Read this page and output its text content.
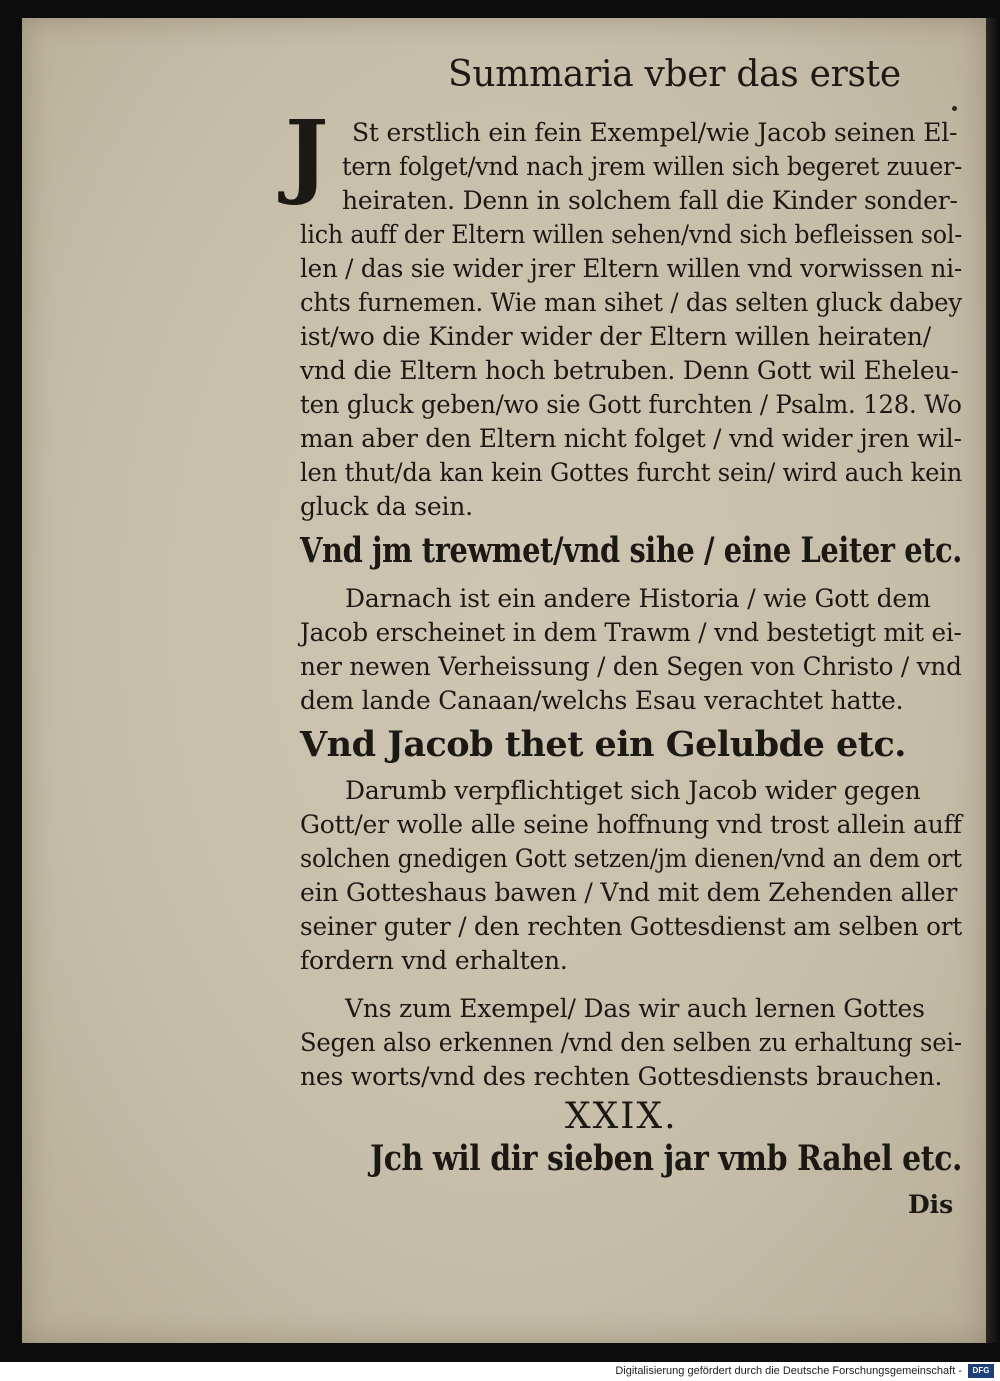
Summaria vber das erste
J St erstlich ein fein Exempel/wie Jacob seinen El-
tern folget/vnd nach jrem willen sich begeret zuuer-
heiraten. Denn in solchem fall die Kinder sonder-
lich auff der Eltern willen sehen/vnd sich befleissen sol-
len / das sie wider jrer Eltern willen vnd vorwissen ni-
chts furnemen. Wie man sihet / das selten gluck dabey
ist/wo die Kinder wider der Eltern willen heiraten/
vnd die Eltern hoch betruben. Denn Gott wil Eheleu-
ten gluck geben/wo sie Gott furchten / Psalm. 128. Wo
man aber den Eltern nicht folget / vnd wider jren wil-
len thut/da kan kein Gottes furcht sein/ wird auch kein
gluck da sein.
Vnd jm trewmet/vnd sihe / eine Leiter etc.
Darnach ist ein andere Historia / wie Gott dem
Jacob erscheinet in dem Trawm / vnd bestetigt mit ei-
ner newen Verheissung / den Segen von Christo / vnd
dem lande Canaan/welchs Esau verachtet hatte.
Vnd Jacob thet ein Gelubde etc.
Darumb verpflichtiget sich Jacob wider gegen
Gott/er wolle alle seine hoffnung vnd trost allein auff
solchen gnedigen Gott setzen/jm dienen/vnd an dem ort
ein Gotteshaus bawen / Vnd mit dem Zehenden aller
seiner guter / den rechten Gottesdienst am selben ort
fordern vnd erhalten.
Vns zum Exempel/ Das wir auch lernen Gottes
Segen also erkennen /vnd den selben zu erhaltung sei-
nes worts/vnd des rechten Gottesdiensts brauchen.
XXIX.
Jch wil dir sieben jar vmb Rahel etc.
Dis
Digitalisierung gefördert durch die Deutsche Forschungsgemeinschaft -	DFG
